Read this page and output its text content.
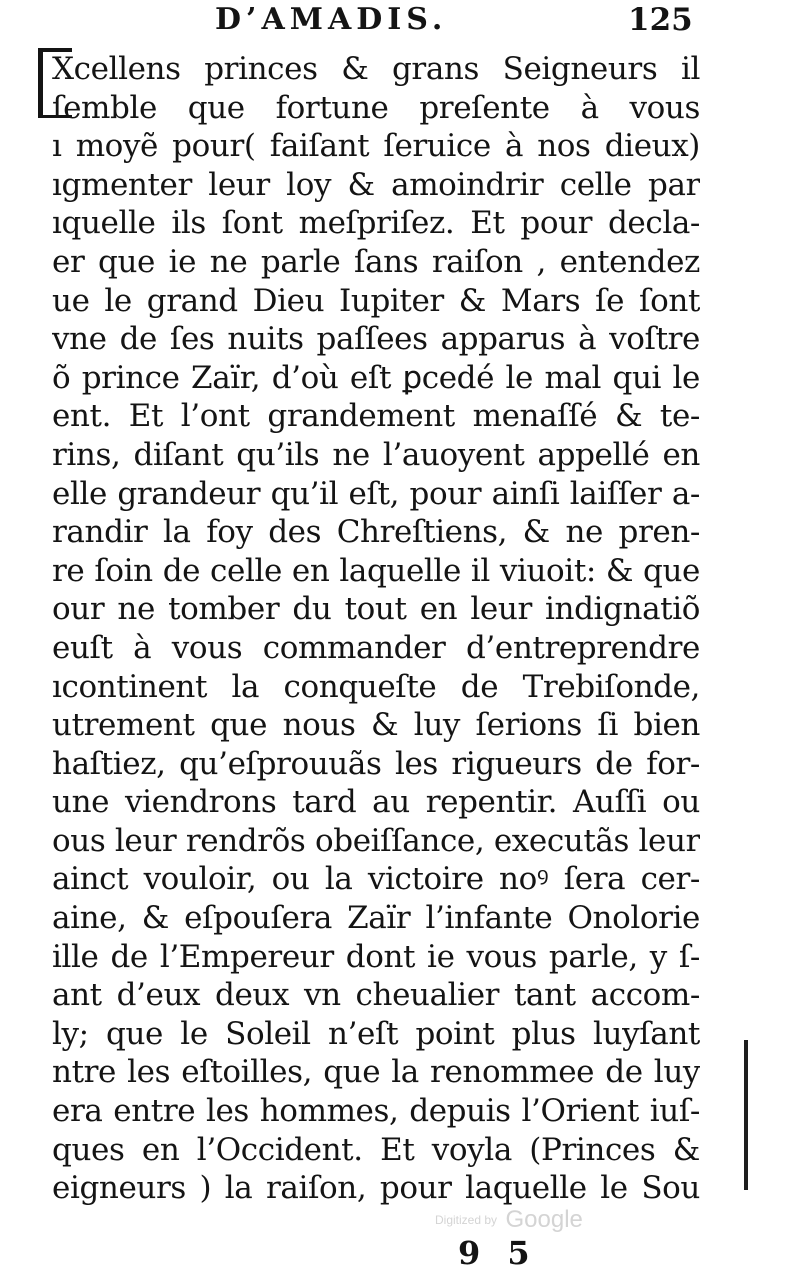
D’AMADIS.	125
Xcellens princes & grans Seigneurs il
ſemble que fortune preſente à vous
ı moyẽ pour( faiſant ſeruice à nos dieux)
ıgmenter leur loy & amoindrir celle par
ıquelle ils ſont meſpriſez. Et pour decla-
er que ie ne parle ſans raiſon , entendez
ue le grand Dieu Iupiter & Mars ſe ſont
vne de ſes nuits paſſees apparus à voſtre
õ prince Zaïr, d’où eſt ꝑcedé le mal qui le
ent. Et l’ont grandement menaſſé & te-
rins, diſant qu’ils ne l’auoyent appellé en
elle grandeur qu’il eſt, pour ainſi laiſſer a-
randir la foy des Chreſtiens, & ne pren-
re ſoin de celle en laquelle il viuoit: & que
our ne tomber du tout en leur indignatiõ
euſt à vous commander d’entreprendre
ıcontinent la conqueſte de Trebiſonde,
utrement que nous & luy ſerions ſi bien
haſtiez, qu’eſprouuãs les rigueurs de for-
une viendrons tard au repentir. Auſſi ou
ous leur rendrõs obeiſſance, executãs leur
ainct vouloir, ou la victoire noꝰ ſera cer-
aine, & eſpouſera Zaïr l’infante Onolorie
ille de l’Empereur dont ie vous parle, y ſ-
ant d’eux deux vn cheualier tant accom-
ly; que le Soleil n’eſt point plus luyſant
ntre les eſtoilles, que la renommee de luy
era entre les hommes, depuis l’Orient iuſ-
ques en l’Occident. Et voyla (Princes &
eigneurs ) la raiſon, pour laquelle le Sou
Digitized by Google
9 5
